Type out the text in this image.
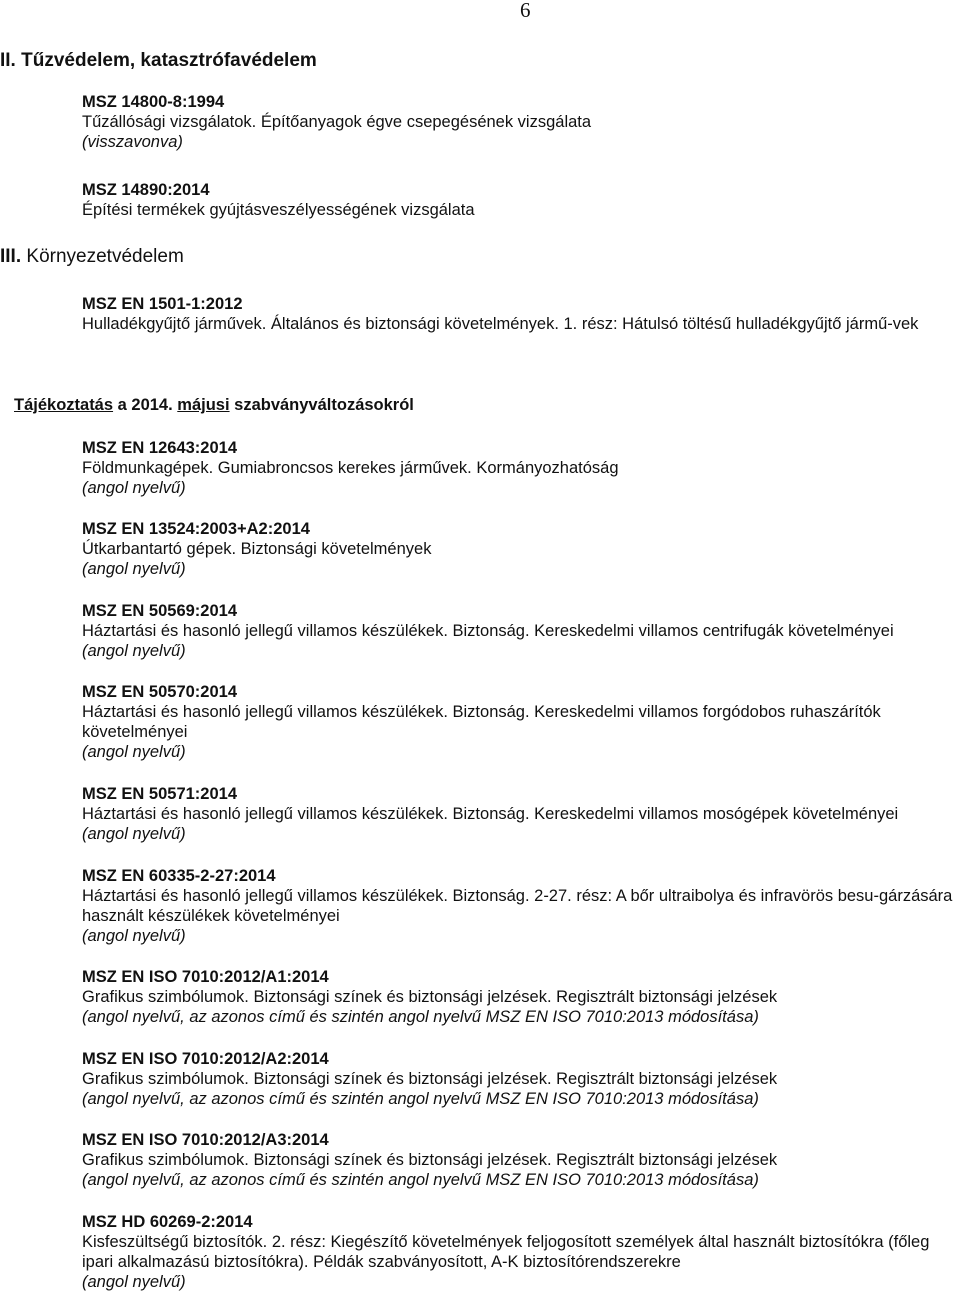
6
II. Tűzvédelem, katasztrófavédelem
MSZ 14800-8:1994
Tűzállósági vizsgálatok. Építőanyagok égve csepegésének vizsgálata
(visszavonva)
MSZ 14890:2014
Építési termékek gyújtásveszélyességének vizsgálata
III. Környezetvédelem
MSZ EN 1501-1:2012
Hulladékgyűjtő járművek. Általános és biztonsági követelmények. 1. rész: Hátulsó töltésű hulladékgyűjtő jármű-vek
Tájékoztatás a 2014. májusi szabványváltozásokról
MSZ EN 12643:2014
Földmunkagépek. Gumiabroncsos kerekes járművek. Kormányozhatóság
(angol nyelvű)
MSZ EN 13524:2003+A2:2014
Útkarbantartó gépek. Biztonsági követelmények
(angol nyelvű)
MSZ EN 50569:2014
Háztartási és hasonló jellegű villamos készülékek. Biztonság. Kereskedelmi villamos centrifugák követelményei
(angol nyelvű)
MSZ EN 50570:2014
Háztartási és hasonló jellegű villamos készülékek. Biztonság. Kereskedelmi villamos forgódobos ruhaszárítók követelményei
(angol nyelvű)
MSZ EN 50571:2014
Háztartási és hasonló jellegű villamos készülékek. Biztonság. Kereskedelmi villamos mosógépek követelményei
(angol nyelvű)
MSZ EN 60335-2-27:2014
Háztartási és hasonló jellegű villamos készülékek. Biztonság. 2-27. rész: A bőr ultraibolya és infravörös besu-gárzására használt készülékek követelményei
(angol nyelvű)
MSZ EN ISO 7010:2012/A1:2014
Grafikus szimbólumok. Biztonsági színek és biztonsági jelzések. Regisztrált biztonsági jelzések
(angol nyelvű, az azonos című és szintén angol nyelvű MSZ EN ISO 7010:2013 módosítása)
MSZ EN ISO 7010:2012/A2:2014
Grafikus szimbólumok. Biztonsági színek és biztonsági jelzések. Regisztrált biztonsági jelzések
(angol nyelvű, az azonos című és szintén angol nyelvű MSZ EN ISO 7010:2013 módosítása)
MSZ EN ISO 7010:2012/A3:2014
Grafikus szimbólumok. Biztonsági színek és biztonsági jelzések. Regisztrált biztonsági jelzések
(angol nyelvű, az azonos című és szintén angol nyelvű MSZ EN ISO 7010:2013 módosítása)
MSZ HD 60269-2:2014
Kisfeszültségű biztosítók. 2. rész: Kiegészítő követelmények feljogosított személyek által használt biztosítókra (főleg ipari alkalmazású biztosítókra). Példák szabványosított, A-K biztosítórendszerekre
(angol nyelvű)
